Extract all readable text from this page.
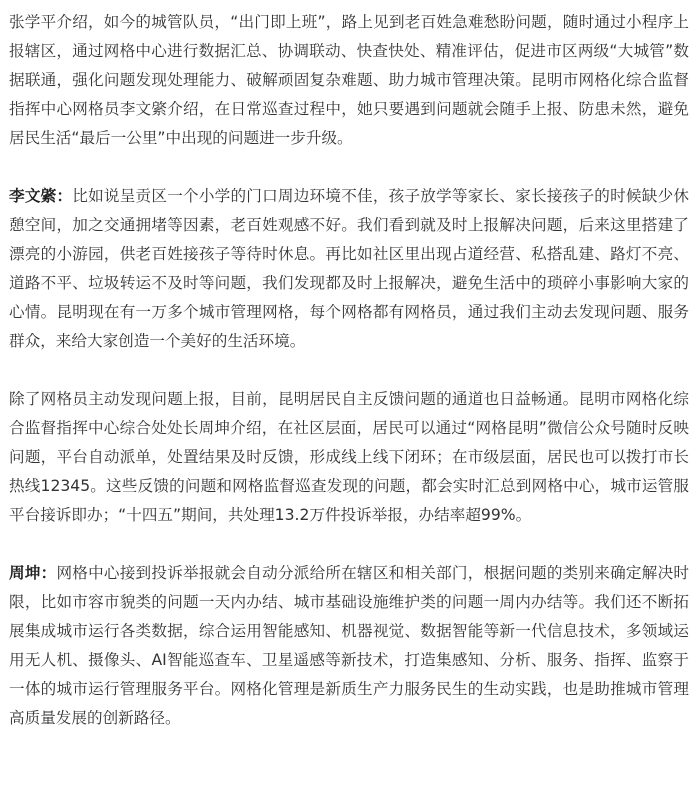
张学平介绍，如今的城管队员，“出门即上班”，路上见到老百姓急难愁盼问题，随时通过小程序上报辖区，通过网格中心进行数据汇总、协调联动、快查快处、精准评估，促进市区两级“大城管”数据联通，强化问题发现处理能力、破解顽固复杂难题、助力城市管理决策。昆明市网格化综合监督指挥中心网格员李文綮介绍，在日常巡查过程中，她只要遇到问题就会随手上报、防患未然，避免居民生活“最后一公里”中出现的问题进一步升级。

李文綮：比如说呈贡区一个小学的门口周边环境不佳，孩子放学等家长、家长接孩子的时候缺少休憩空间，加之交通拥堵等因素，老百姓观感不好。我们看到就及时上报解决问题，后来这里搭建了漂亮的小游园，供老百姓接孩子等待时休息。再比如社区里出现占道经营、私搭乱建、路灯不亮、道路不平、垃圾转运不及时等问题，我们发现都及时上报解决，避免生活中的琐碎小事影响大家的心情。昆明现在有一万多个城市管理网格，每个网格都有网格员，通过我们主动去发现问题、服务群众，来给大家创造一个美好的生活环境。

除了网格员主动发现问题上报，目前，昆明居民自主反馈问题的通道也日益畅通。昆明市网格化综合监督指挥中心综合处处长周坤介绍，在社区层面，居民可以通过“网格昆明”微信公众号随时反映问题，平台自动派单，处置结果及时反馈，形成线上线下闭环；在市级层面，居民也可以拨打市长热线12345。这些反馈的问题和网格监督巡查发现的问题，都会实时汇总到网格中心，城市运管服平台接诉即办；“十四五”期间，共处理13.2万件投诉举报，办结率超99%。

周坤：网格中心接到投诉举报就会自动分派给所在辖区和相关部门，根据问题的类别来确定解决时限，比如市容市貌类的问题一天内办结、城市基础设施维护类的问题一周内办结等。我们还不断拓展集成城市运行各类数据，综合运用智能感知、机器视觉、数据智能等新一代信息技术，多领域运用无人机、摄像头、AI智能巡查车、卫星遥感等新技术，打造集感知、分析、服务、指挥、监察于一体的城市运行管理服务平台。网格化管理是新质生产力服务民生的生动实践，也是助推城市管理高质量发展的创新路径。
